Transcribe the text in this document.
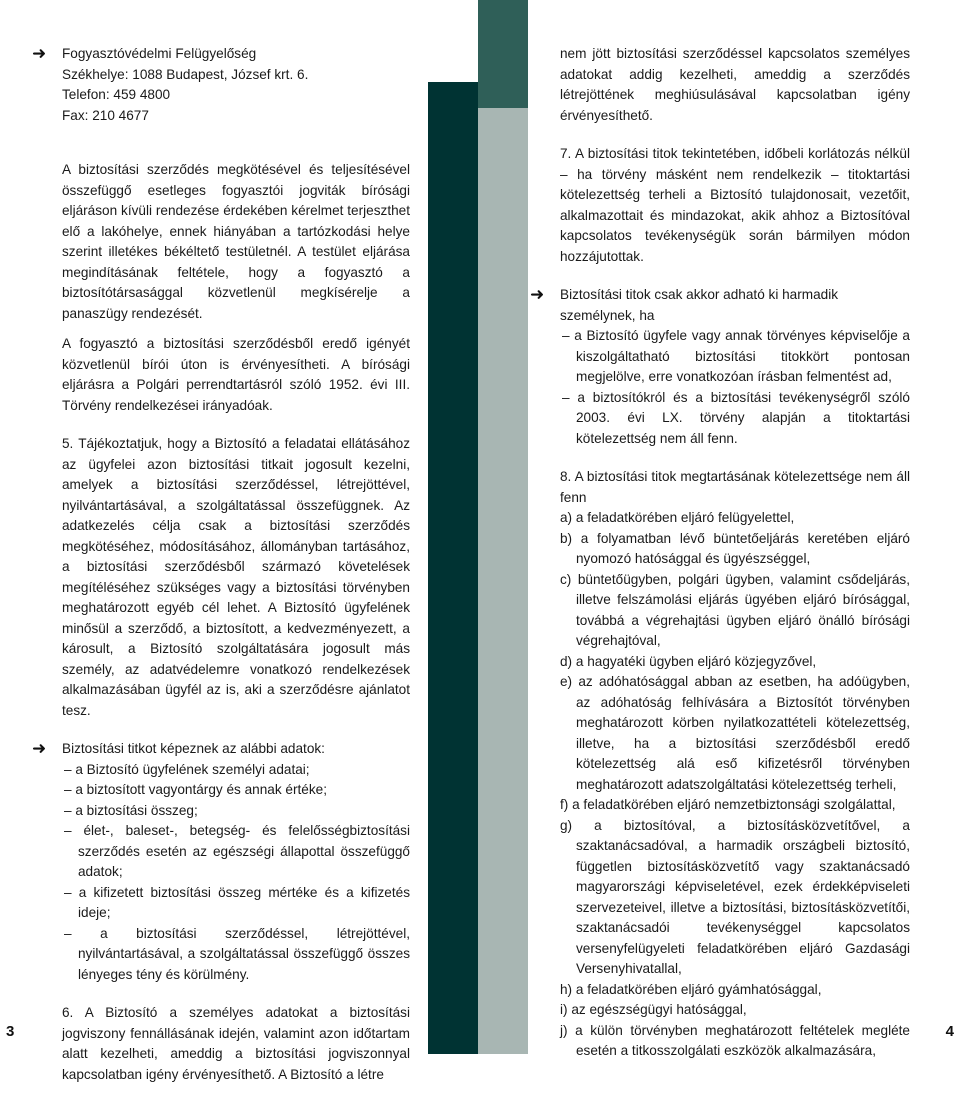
➜ Fogyasztóvédelmi Felügyelőség
Székhelye: 1088 Budapest, József krt. 6.
Telefon: 459 4800
Fax: 210 4677

A biztosítási szerződés megkötésével és teljesítésével összefüggő esetleges fogyasztói jogviták bírósági eljáráson kívüli rendezése érdekében kérelmet terjeszthet elő a lakóhelye, ennek hiányában a tartózkodási helye szerint illetékes békéltető testületnél. A testület eljárása megindításának feltétele, hogy a fogyasztó a biztosítótársasággal közvetlenül megkísérelje a panaszügy rendezését.

A fogyasztó a biztosítási szerződésből eredő igényét közvetlenül bírói úton is érvényesítheti. A bírósági eljárásra a Polgári perrendtartásról szóló 1952. évi III. Törvény rendelkezései irányadóak.

5. Tájékoztatjuk, hogy a Biztosító a feladatai ellátásához az ügyfelei azon biztosítási titkait jogosult kezelni, amelyek a biztosítási szerződéssel, létrejöttével, nyilvántartásával, a szolgáltatással összefüggnek. Az adatkezelés célja csak a biztosítási szerződés megkötéséhez, módosításához, állományban tartásához, a biztosítási szerződésből származó követelések megítéléséhez szükséges vagy a biztosítási törvényben meghatározott egyéb cél lehet. A Biztosító ügyfelének minősül a szerződő, a biztosított, a kedvezményezett, a károsult, a Biztosító szolgáltatására jogosult más személy, az adatvédelemre vonatkozó rendelkezések alkalmazásában ügyfél az is, aki a szerződésre ajánlatot tesz.

➜ Biztosítási titkot képeznek az alábbi adatok:
– a Biztosító ügyfelének személyi adatai;
– a biztosított vagyontárgy és annak értéke;
– a biztosítási összeg;
– élet-, baleset-, betegség- és felelősségbiztosítási szerződés esetén az egészségi állapottal összefüggő adatok;
– a kifizetett biztosítási összeg mértéke és a kifizetés ideje;
– a biztosítási szerződéssel, létrejöttével, nyilvántartásával, a szolgáltatással összefüggő összes lényeges tény és körülmény.

6. A Biztosító a személyes adatokat a biztosítási jogviszony fennállásának idején, valamint azon időtartam alatt kezelheti, ameddig a biztosítási jogviszonnyal kapcsolatban igény érvényesíthető. A Biztosító a létre

nem jött biztosítási szerződéssel kapcsolatos személyes adatokat addig kezelheti, ameddig a szerződés létrejöttének meghiúsulásával kapcsolatban igény érvényesíthető.

7. A biztosítási titok tekintetében, időbeli korlátozás nélkül – ha törvény másként nem rendelkezik – titoktartási kötelezettség terheli a Biztosító tulajdonosait, vezetőit, alkalmazottait és mindazokat, akik ahhoz a Biztosítóval kapcsolatos tevékenységük során bármilyen módon hozzájutottak.

➜ Biztosítási titok csak akkor adható ki harmadik személynek, ha
– a Biztosító ügyfele vagy annak törvényes képviselője a kiszolgáltatható biztosítási titokkört pontosan megjelölve, erre vonatkozóan írásban felmentést ad,
– a biztosítókról és a biztosítási tevékenységről szóló 2003. évi LX. törvény alapján a titoktartási kötelezettség nem áll fenn.

8. A biztosítási titok megtartásának kötelezettsége nem áll fenn

a) a feladatkörében eljáró felügyelettel,
b) a folyamatban lévő büntetőeljárás keretében eljáró nyomozó hatósággal és ügyészséggel,
c) büntetőügyben, polgári ügyben, valamint csődeljárás, illetve felszámolási eljárás ügyében eljáró bírósággal, továbbá a végrehajtási ügyben eljáró önálló bírósági végrehajtóval,
d) a hagyatéki ügyben eljáró közjegyzővel,
e) az adóhatósággal abban az esetben, ha adóügyben, az adóhatóság felhívására a Biztosítót törvényben meghatározott körben nyilatkozattételi kötelezettség, illetve, ha a biztosítási szerződésből eredő kötelezettség alá eső kifizetésről törvényben meghatározott adatszolgáltatási kötelezettség terheli,
f) a feladatkörében eljáró nemzetbiztonsági szolgálattal,
g) a biztosítóval, a biztosításközvetítővel, a szaktanácsadóval, a harmadik országbeli biztosító, független biztosításközvetítő vagy szaktanácsadó magyarországi képviseletével, ezek érdekképviseleti szervezeteivel, illetve a biztosítási, biztosításközvetítői, szaktanácsadói tevékenységgel kapcsolatos versenyfelügyeleti feladatkörében eljáró Gazdasági Versenyhivatallal,
h) a feladatkörében eljáró gyámhatósággal,
i) az egészségügyi hatósággal,
j) a külön törvényben meghatározott feltételek megléte esetén a titkosszolgálati eszközök alkalmazására,
3	4
